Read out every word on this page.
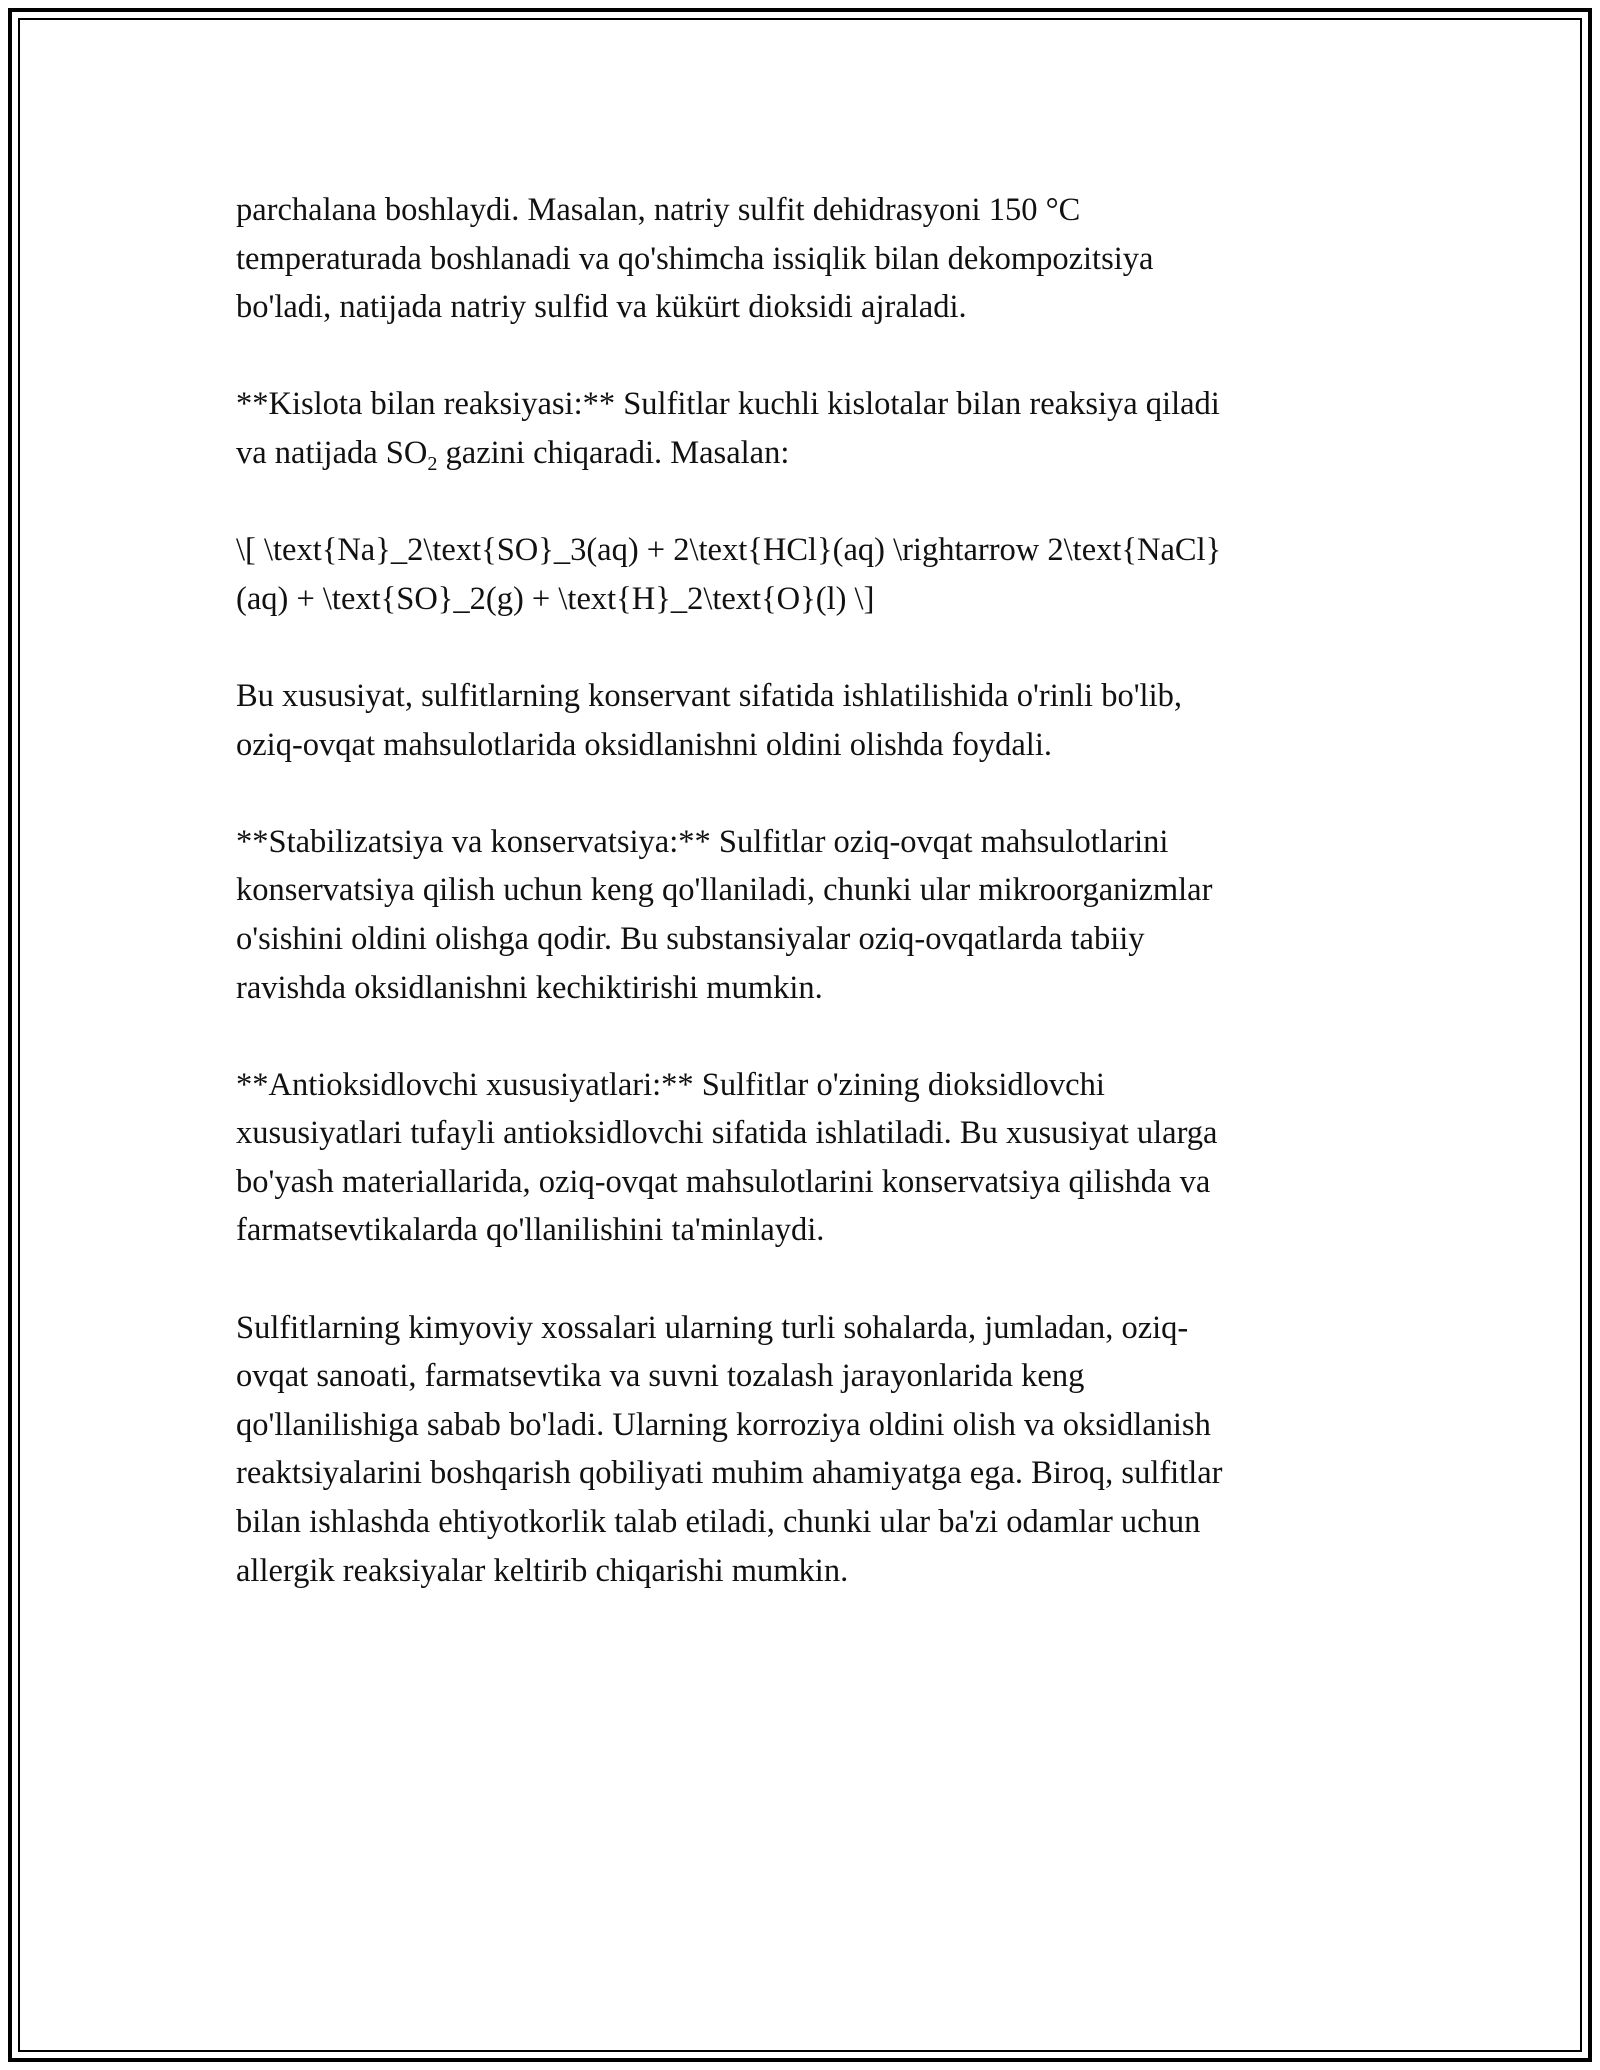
parchalana boshlaydi. Masalan, natriy sulfit dehidrasyoni 150 °C
temperaturada boshlanadi va qo'shimcha issiqlik bilan dekompozitsiya
bo'ladi, natijada natriy sulfid va kükürt dioksidi ajraladi.

**Kislota bilan reaksiyasi:** Sulfitlar kuchli kislotalar bilan reaksiya qiladi
va natijada $SO_2$ gazini chiqaradi. Masalan:

\[ \text{Na}_2\text{SO}_3(aq) + 2\text{HCl}(aq) \rightarrow 2\text{NaCl}
(aq) + \text{SO}_2(g) + \text{H}_2\text{O}(l) \]

Bu xususiyat, sulfitlarning konservant sifatida ishlatilishida o'rinli bo'lib,
oziq-ovqat mahsulotlarida oksidlanishni oldini olishda foydali.

**Stabilizatsiya va konservatsiya:** Sulfitlar oziq-ovqat mahsulotlarini
konservatsiya qilish uchun keng qo'llaniladi, chunki ular mikroorganizmlar
o'sishini oldini olishga qodir. Bu substansiyalar oziq-ovqatlarda tabiiy
ravishda oksidlanishni kechiktirishi mumkin.

**Antioksidlovchi xususiyatlari:** Sulfitlar o'zining dioksidlovchi
xususiyatlari tufayli antioksidlovchi sifatida ishlatiladi. Bu xususiyat ularga
bo'yash materiallarida, oziq-ovqat mahsulotlarini konservatsiya qilishda va
farmatsevtikalarda qo'llanilishini ta'minlaydi.

Sulfitlarning kimyoviy xossalari ularning turli sohalarda, jumladan, oziq-
ovqat sanoati, farmatsevtika va suvni tozalash jarayonlarida keng
qo'llanilishiga sabab bo'ladi. Ularning korroziya oldini olish va oksidlanish
reaktsiyalarini boshqarish qobiliyati muhim ahamiyatga ega. Biroq, sulfitlar
bilan ishlashda ehtiyotkorlik talab etiladi, chunki ular ba'zi odamlar uchun
allergik reaksiyalar keltirib chiqarishi mumkin.
